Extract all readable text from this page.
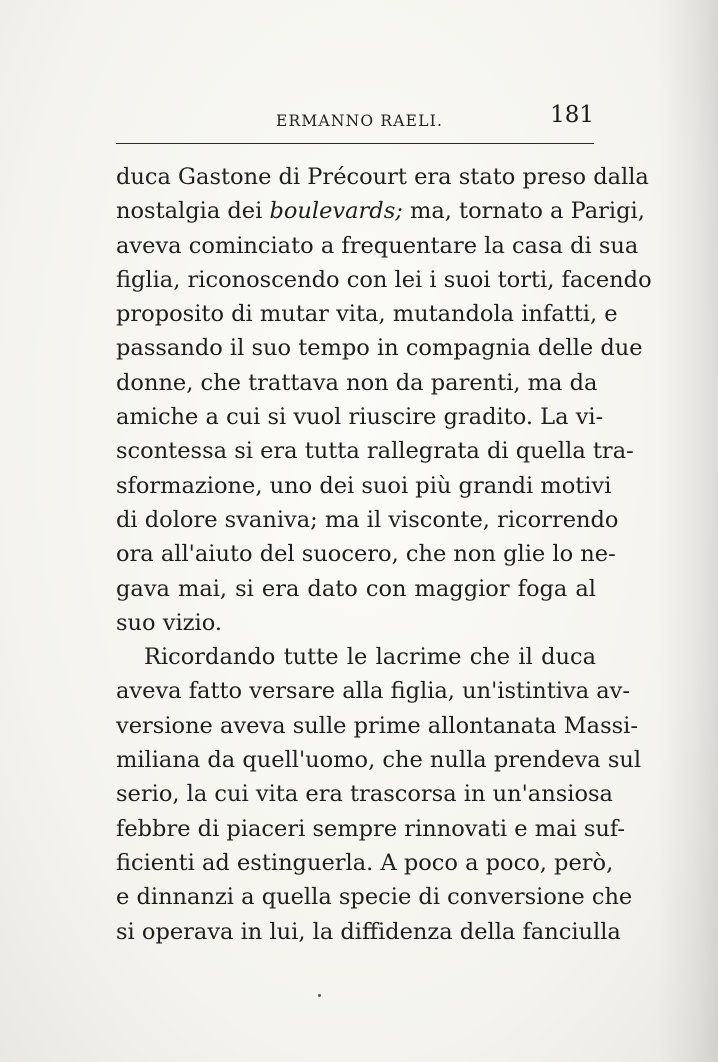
ERMANNO RAELI.	181
duca Gastone di Précourt era stato preso dalla
nostalgia dei boulevards; ma, tornato a Parigi,
aveva cominciato a frequentare la casa di sua
figlia, riconoscendo con lei i suoi torti, facendo
proposito di mutar vita, mutandola infatti, e
passando il suo tempo in compagnia delle due
donne, che trattava non da parenti, ma da
amiche a cui si vuol riuscire gradito. La vi-
scontessa si era tutta rallegrata di quella tra-
sformazione, uno dei suoi più grandi motivi
di dolore svaniva; ma il visconte, ricorrendo
ora all'aiuto del suocero, che non glie lo ne-
gava mai, si era dato con maggior foga al
suo vizio.
Ricordando tutte le lacrime che il duca
aveva fatto versare alla figlia, un'istintiva av-
versione aveva sulle prime allontanata Massi-
miliana da quell'uomo, che nulla prendeva sul
serio, la cui vita era trascorsa in un'ansiosa
febbre di piaceri sempre rinnovati e mai suf-
ficienti ad estinguerla. A poco a poco, però,
e dinnanzi a quella specie di conversione che
si operava in lui, la diffidenza della fanciulla
